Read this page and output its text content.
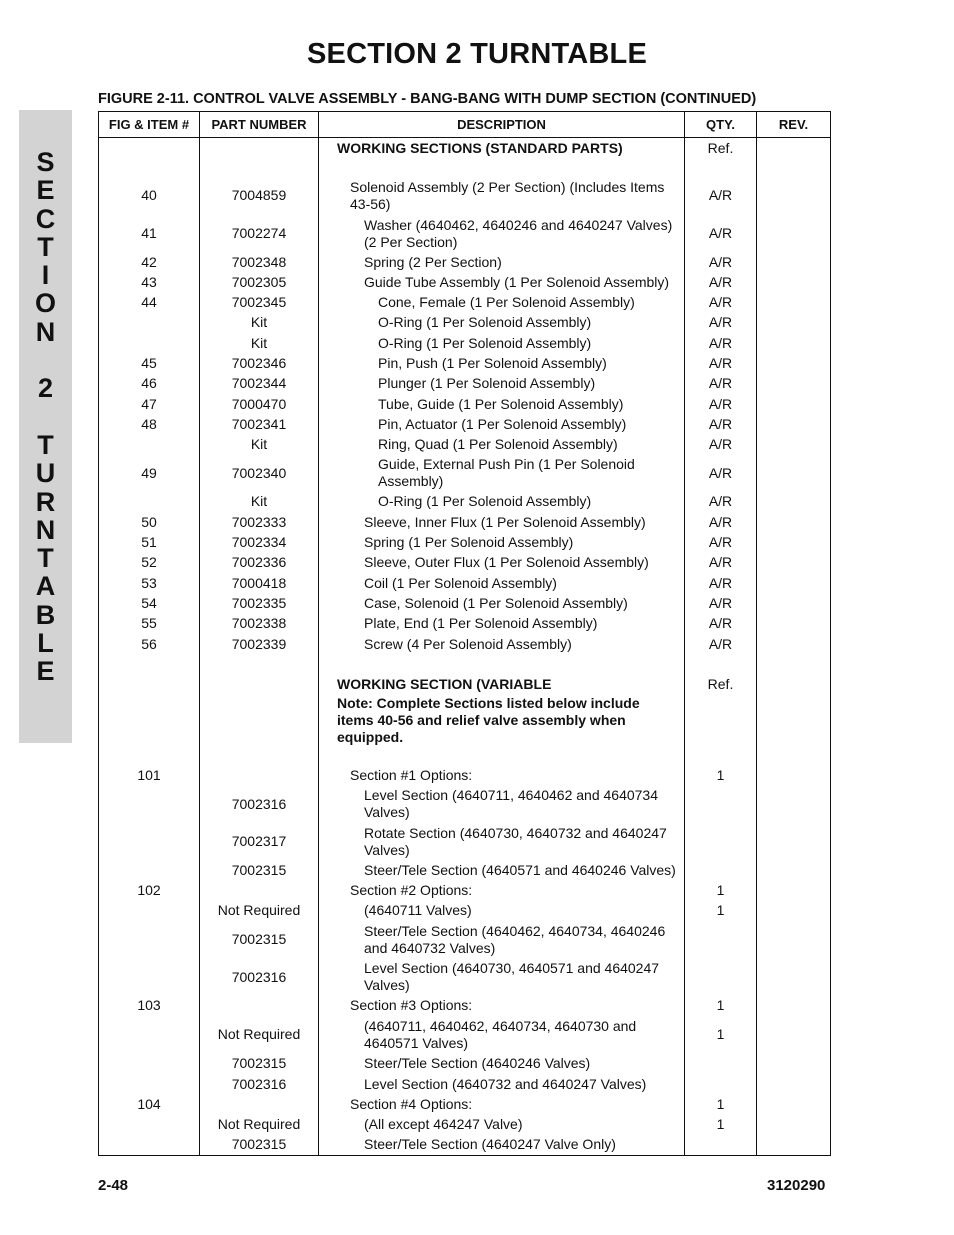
SECTION 2 TURNTABLE
FIGURE 2-11. CONTROL VALVE ASSEMBLY - BANG-BANG WITH DUMP SECTION (CONTINUED)
S
E
C
T
I
O
N
2
T
U
R
N
T
A
B
L
E
FIG & ITEM #	PART NUMBER	DESCRIPTION	QTY.	REV.
		WORKING SECTIONS (STANDARD PARTS)	Ref.	

40	7004859	Solenoid Assembly (2 Per Section) (Includes Items 43-56)	A/R	
41	7002274	Washer (4640462, 4640246 and 4640247 Valves) (2 Per Section)	A/R	
42	7002348	Spring (2 Per Section)	A/R	
43	7002305	Guide Tube Assembly (1 Per Solenoid Assembly)	A/R	
44	7002345	Cone, Female (1 Per Solenoid Assembly)	A/R	
	Kit	O-Ring (1 Per Solenoid Assembly)	A/R	
	Kit	O-Ring (1 Per Solenoid Assembly)	A/R	
45	7002346	Pin, Push (1 Per Solenoid Assembly)	A/R	
46	7002344	Plunger (1 Per Solenoid Assembly)	A/R	
47	7000470	Tube, Guide (1 Per Solenoid Assembly)	A/R	
48	7002341	Pin, Actuator (1 Per Solenoid Assembly)	A/R	
	Kit	Ring, Quad (1 Per Solenoid Assembly)	A/R	
49	7002340	Guide, External Push Pin (1 Per Solenoid Assembly)	A/R	
	Kit	O-Ring (1 Per Solenoid Assembly)	A/R	
50	7002333	Sleeve, Inner Flux (1 Per Solenoid Assembly)	A/R	
51	7002334	Spring (1 Per Solenoid Assembly)	A/R	
52	7002336	Sleeve, Outer Flux (1 Per Solenoid Assembly)	A/R	
53	7000418	Coil (1 Per Solenoid Assembly)	A/R	
54	7002335	Case, Solenoid (1 Per Solenoid Assembly)	A/R	
55	7002338	Plate, End (1 Per Solenoid Assembly)	A/R	
56	7002339	Screw (4 Per Solenoid Assembly)	A/R	

		WORKING SECTION (VARIABLE	Ref.	
		Note: Complete Sections listed below include items 40-56 and relief valve assembly when equipped.		

101		Section #1 Options:	1	
	7002316	Level Section (4640711, 4640462 and 4640734 Valves)		
	7002317	Rotate Section (4640730, 4640732 and 4640247 Valves)		
	7002315	Steer/Tele Section (4640571 and 4640246 Valves)		
102		Section #2 Options:	1	
	Not Required	(4640711 Valves)	1	
	7002315	Steer/Tele Section (4640462, 4640734, 4640246 and 4640732 Valves)		
	7002316	Level Section (4640730, 4640571 and 4640247 Valves)		
103		Section #3 Options:	1	
	Not Required	(4640711, 4640462, 4640734, 4640730 and 4640571 Valves)	1	
	7002315	Steer/Tele Section (4640246 Valves)		
	7002316	Level Section (4640732 and 4640247 Valves)		
104		Section #4 Options:	1	
	Not Required	(All except 464247 Valve)	1	
	7002315	Steer/Tele Section (4640247 Valve Only)		
2-48	3120290
